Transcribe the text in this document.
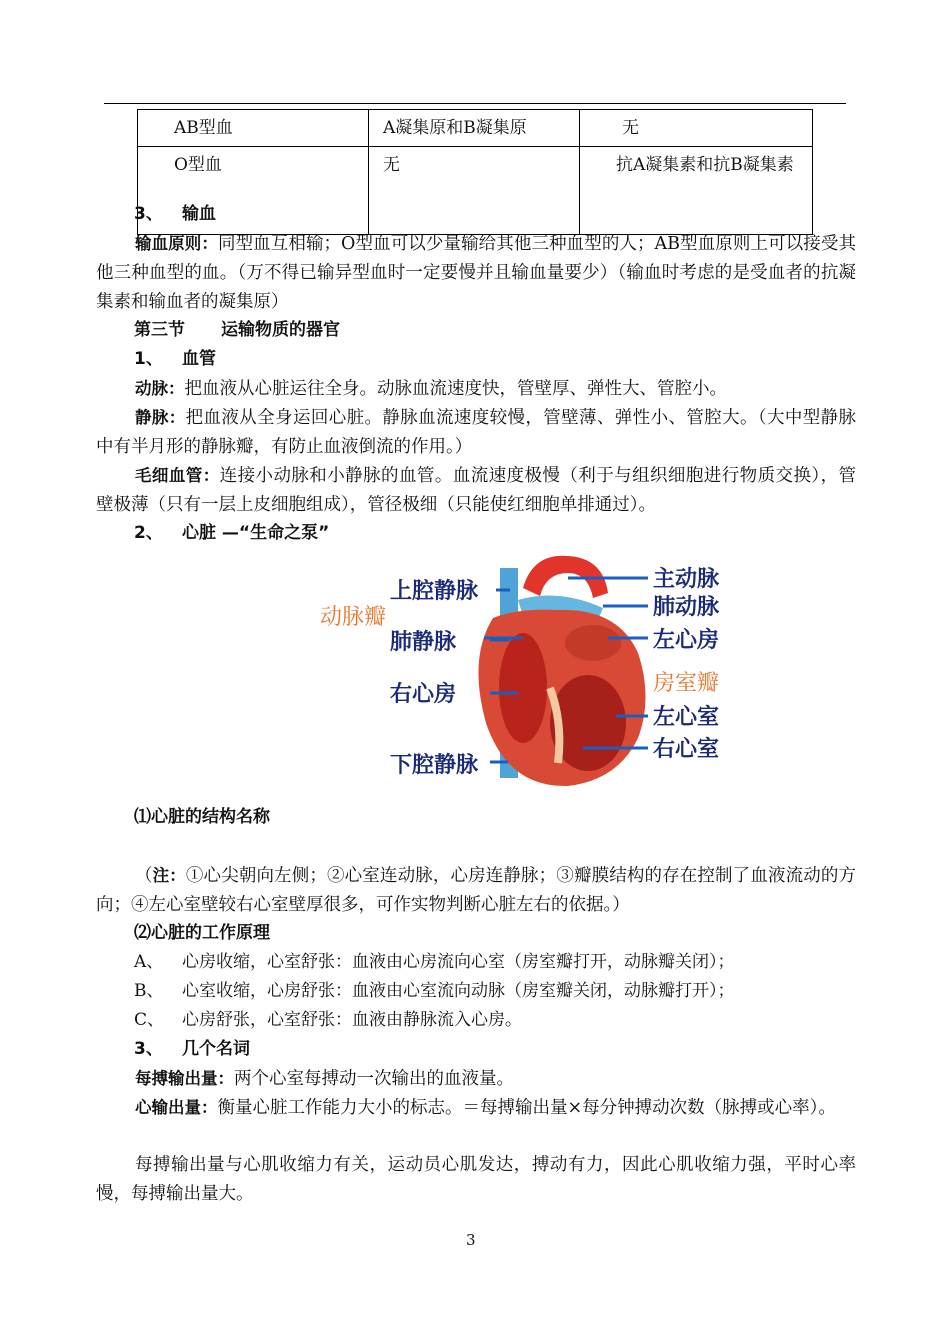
AB型血	A凝集原和B凝集原	无
O型血	无	抗A凝集素和抗B凝集素
3、 输血
输血原则：同型血互相输；O型血可以少量输给其他三种血型的人；AB型血原则上可以接受其他三种血型的血。（万不得已输异型血时一定要慢并且输血量要少）（输血时考虑的是受血者的抗凝集素和输血者的凝集原）
第三节 运输物质的器官
1、 血管
动脉：把血液从心脏运往全身。动脉血流速度快，管壁厚、弹性大、管腔小。
静脉：把血液从全身运回心脏。静脉血流速度较慢，管壁薄、弹性小、管腔大。（大中型静脉中有半月形的静脉瓣，有防止血液倒流的作用。）
毛细血管：连接小动脉和小静脉的血管。血流速度极慢（利于与组织细胞进行物质交换），管壁极薄（只有一层上皮细胞组成），管径极细（只能使红细胞单排通过）。
2、 心脏 —“生命之泵”
上腔静脉
动脉瓣
肺静脉
右心房
下腔静脉
主动脉
肺动脉
左心房
房室瓣
左心室
右心室
⑴心脏的结构名称
（注：①心尖朝向左侧；②心室连动脉，心房连静脉；③瓣膜结构的存在控制了血液流动的方向；④左心室壁较右心室壁厚很多，可作实物判断心脏左右的依据。）
⑵心脏的工作原理
A、 心房收缩，心室舒张：血液由心房流向心室（房室瓣打开，动脉瓣关闭）；
B、 心室收缩，心房舒张：血液由心室流向动脉（房室瓣关闭，动脉瓣打开）；
C、 心房舒张，心室舒张：血液由静脉流入心房。
3、 几个名词
每搏输出量：两个心室每搏动一次输出的血液量。
心输出量：衡量心脏工作能力大小的标志。＝每搏输出量×每分钟搏动次数（脉搏或心率）。
每搏输出量与心肌收缩力有关，运动员心肌发达，搏动有力，因此心肌收缩力强，平时心率慢，每搏输出量大。
3
